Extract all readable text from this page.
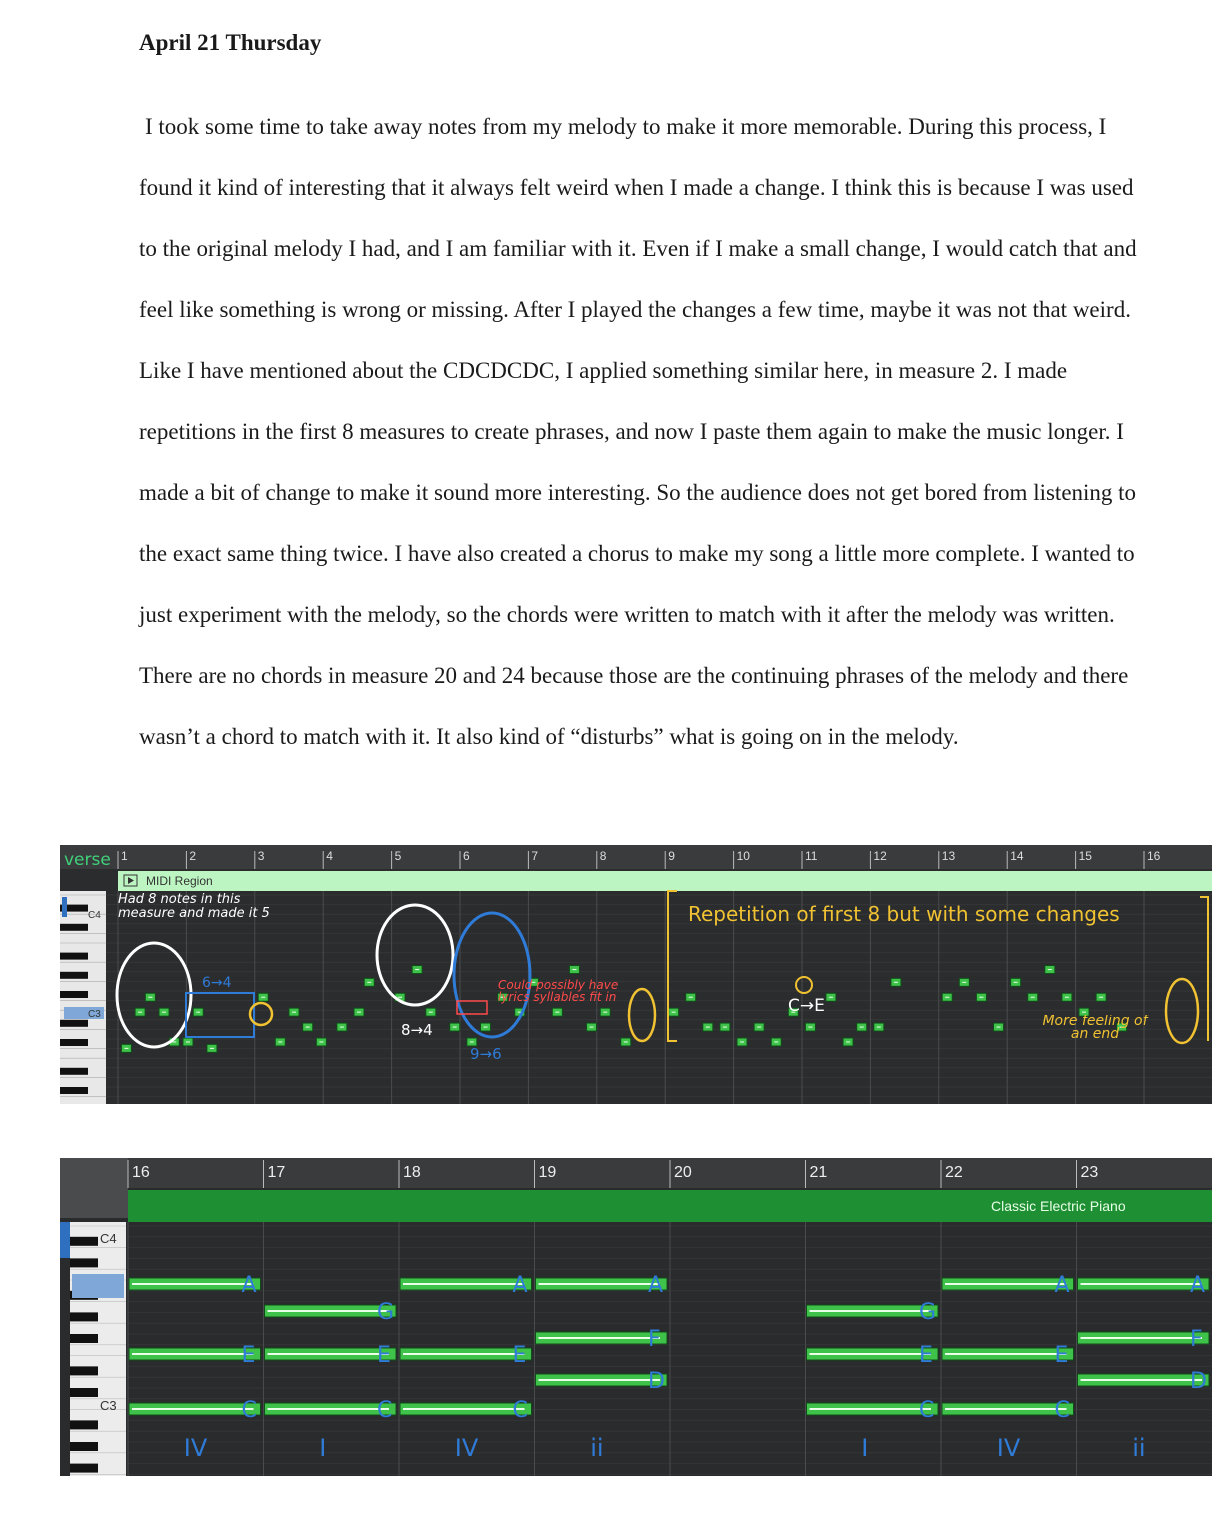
April 21 Thursday

I took some time to take away notes from my melody to make it more memorable. During this process, I found it kind of interesting that it always felt weird when I made a change. I think this is because I was used to the original melody I had, and I am familiar with it. Even if I make a small change, I would catch that and feel like something is wrong or missing. After I played the changes a few time, maybe it was not that weird. Like I have mentioned about the CDCDCDC, I applied something similar here, in measure 2. I made repetitions in the first 8 measures to create phrases, and now I paste them again to make the music longer. I made a bit of change to make it sound more interesting. So the audience does not get bored from listening to the exact same thing twice. I have also created a chorus to make my song a little more complete. I wanted to just experiment with the melody, so the chords were written to match with it after the melody was written. There are no chords in measure 20 and 24 because those are the continuing phrases of the melody and there wasn’t a chord to match with it. It also kind of “disturbs” what is going on in the melody.

1	2	3	4	5	6	7	8	9	10	11	12	13	14	15	16
MIDI Region
C4
C3
verse
Had 8 notes in this measure and made it 5
6→4
8→4
9→6
Could possibly have lyrics syllables fit in
Repetition of first 8 but with some changes
C→E
More feeling of an end
16	17	18	19	20	21	22	23
Classic Electric Piano
C4
C3	C
E
A
IV
C
E
G
I
C
E
A
IV
D
F
A
ii
C
E
G
I
C
E
A
IV
D
F
A
ii
